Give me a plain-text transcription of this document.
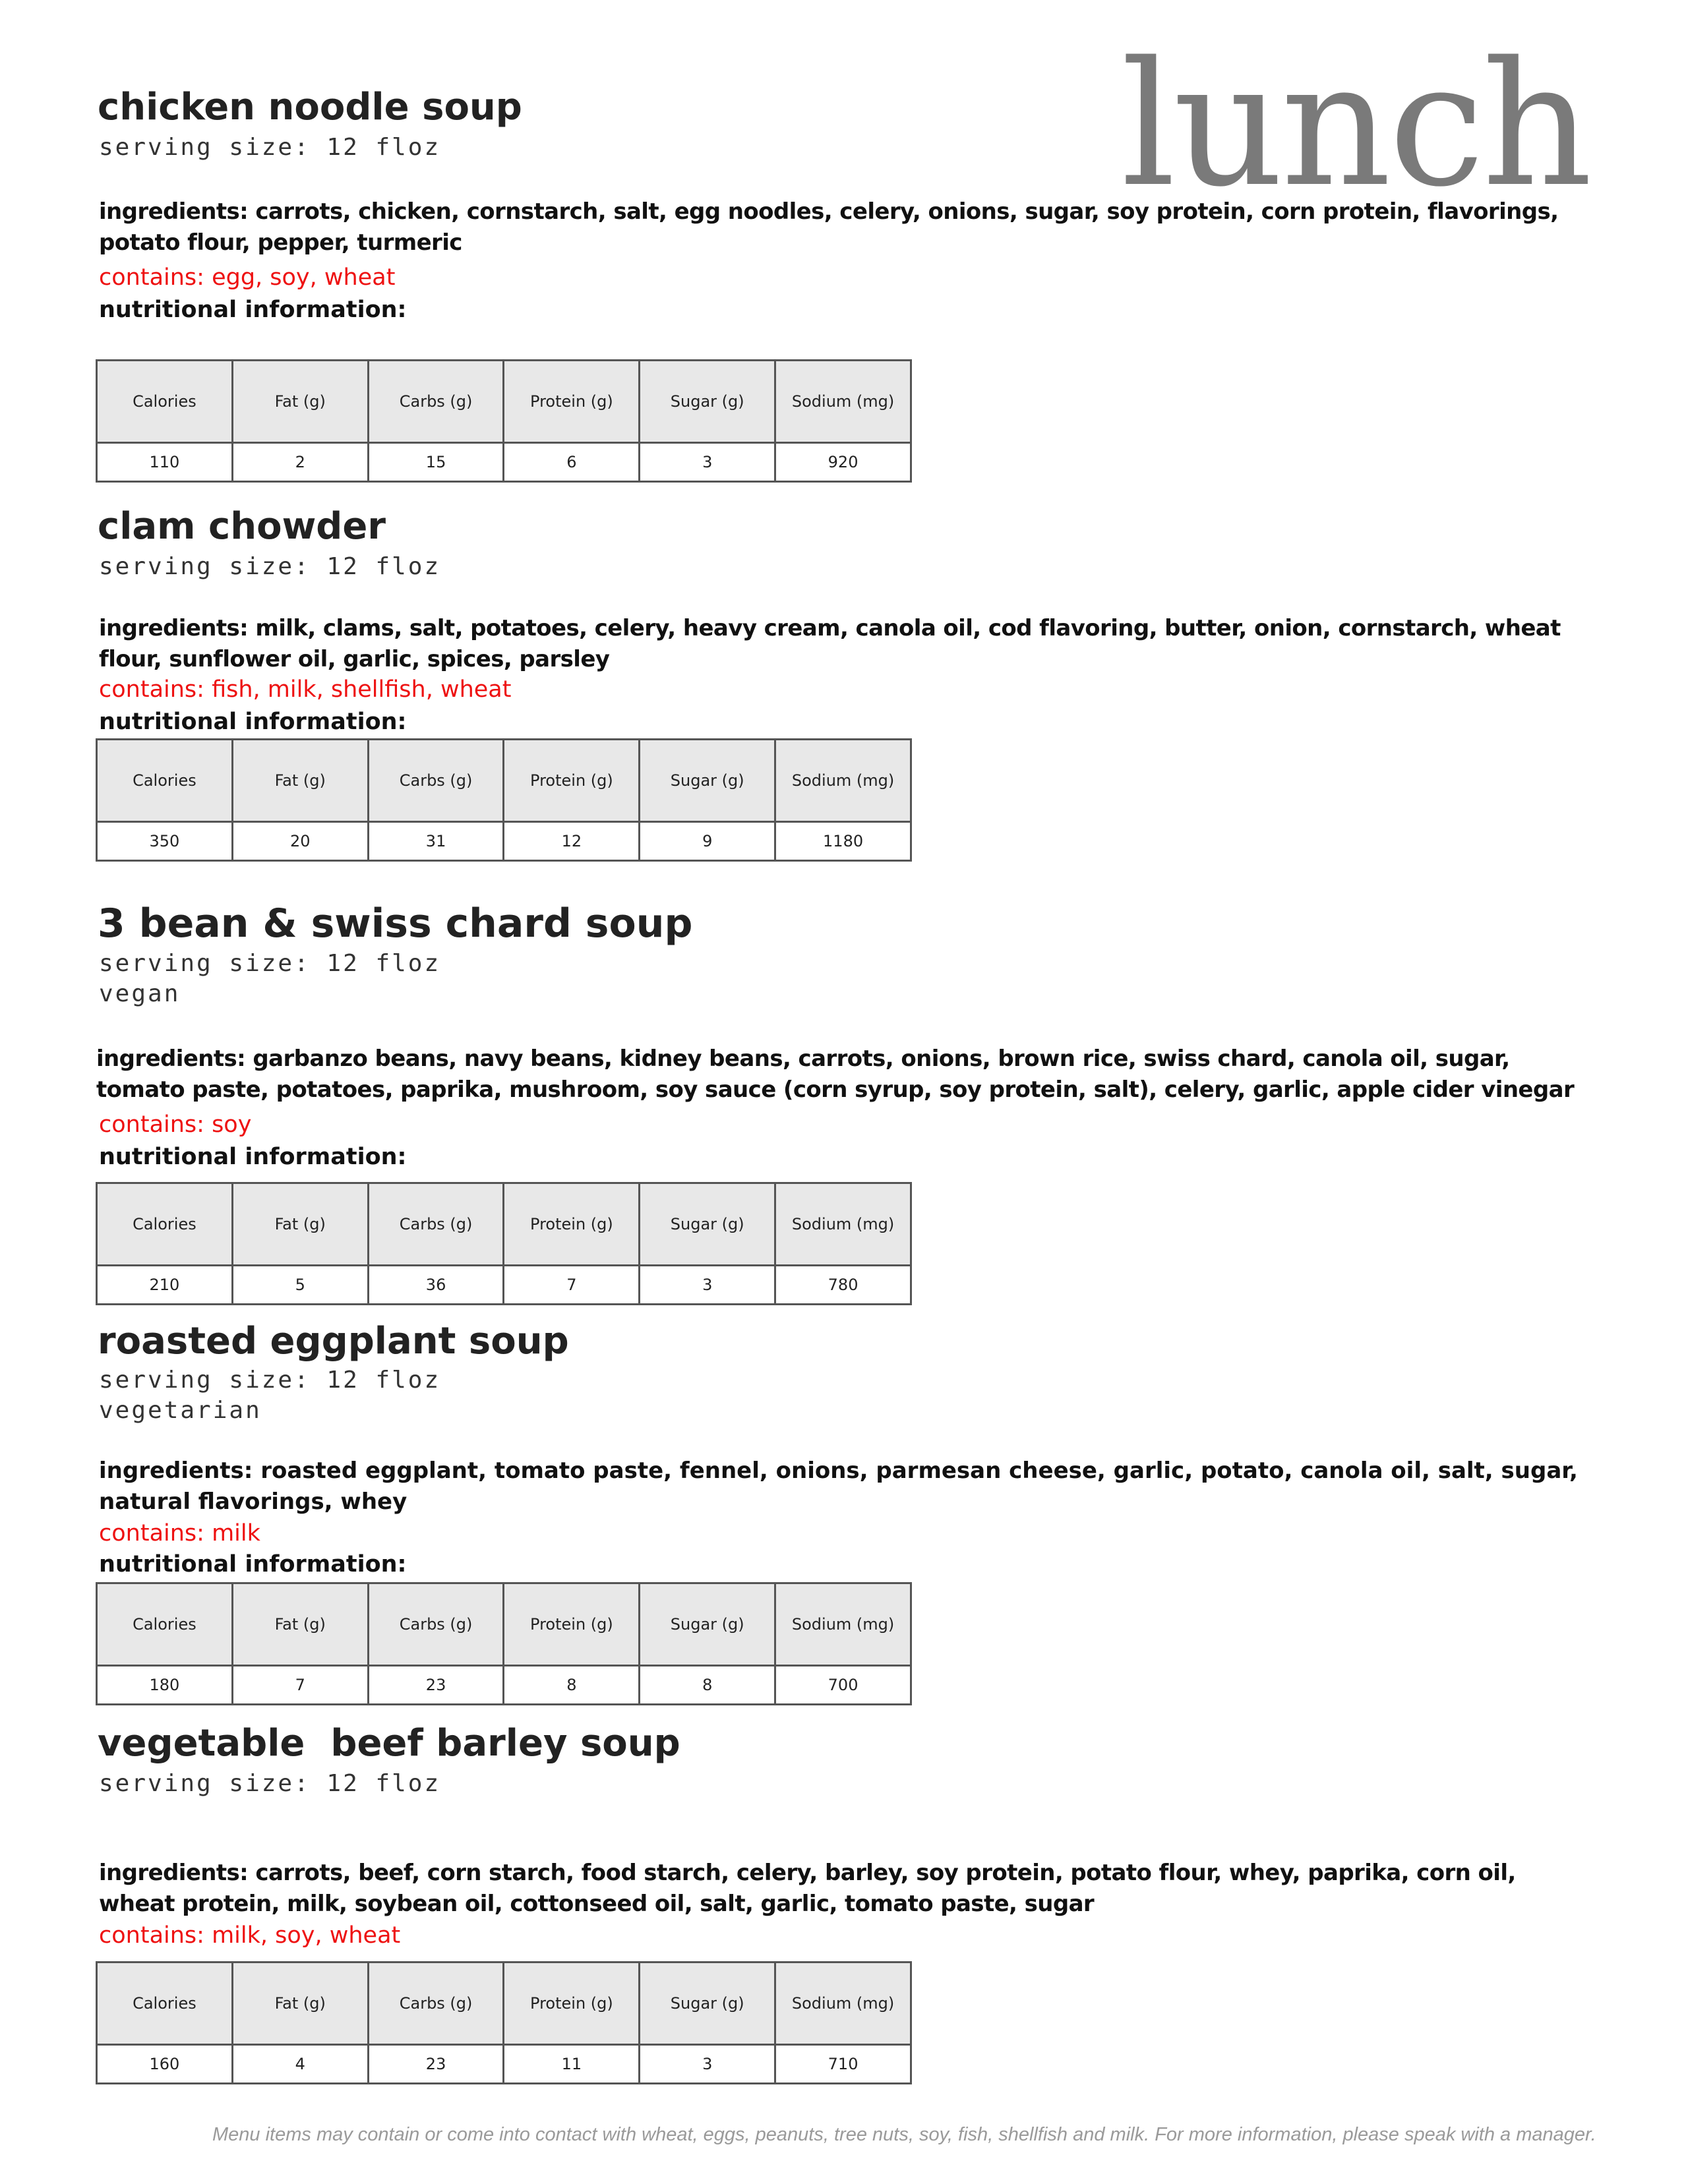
lunch
chicken noodle soup
serving size: 12 floz
ingredients: carrots, chicken, cornstarch, salt, egg noodles, celery, onions, sugar, soy protein, corn protein, flavorings, potato flour, pepper, turmeric
contains: egg, soy, wheat
nutritional information:
Calories	Fat (g)	Carbs (g)	Protein (g)	Sugar (g)	Sodium (mg)
110	2	15	6	3	920
clam chowder
serving size: 12 floz
ingredients: milk, clams, salt, potatoes, celery, heavy cream, canola oil, cod flavoring, butter, onion, cornstarch, wheat flour, sunflower oil, garlic, spices, parsley
contains: fish, milk, shellfish, wheat
nutritional information:
Calories	Fat (g)	Carbs (g)	Protein (g)	Sugar (g)	Sodium (mg)
350	20	31	12	9	1180
3 bean & swiss chard soup
serving size: 12 floz
vegan
ingredients: garbanzo beans, navy beans, kidney beans, carrots, onions, brown rice, swiss chard, canola oil, sugar, tomato paste, potatoes, paprika, mushroom, soy sauce (corn syrup, soy protein, salt), celery, garlic, apple cider vinegar
contains: soy
nutritional information:
Calories	Fat (g)	Carbs (g)	Protein (g)	Sugar (g)	Sodium (mg)
210	5	36	7	3	780
roasted eggplant soup
serving size: 12 floz
vegetarian
ingredients: roasted eggplant, tomato paste, fennel, onions, parmesan cheese, garlic, potato, canola oil, salt, sugar, natural flavorings, whey
contains: milk
nutritional information:
Calories	Fat (g)	Carbs (g)	Protein (g)	Sugar (g)	Sodium (mg)
180	7	23	8	8	700
vegetable  beef barley soup
serving size: 12 floz
ingredients: carrots, beef, corn starch, food starch, celery, barley, soy protein, potato flour, whey, paprika, corn oil, wheat protein, milk, soybean oil, cottonseed oil, salt, garlic, tomato paste, sugar
contains: milk, soy, wheat
Calories	Fat (g)	Carbs (g)	Protein (g)	Sugar (g)	Sodium (mg)
160	4	23	11	3	710
Menu items may contain or come into contact with wheat, eggs, peanuts, tree nuts, soy, fish, shellfish and milk. For more information, please speak with a manager.
